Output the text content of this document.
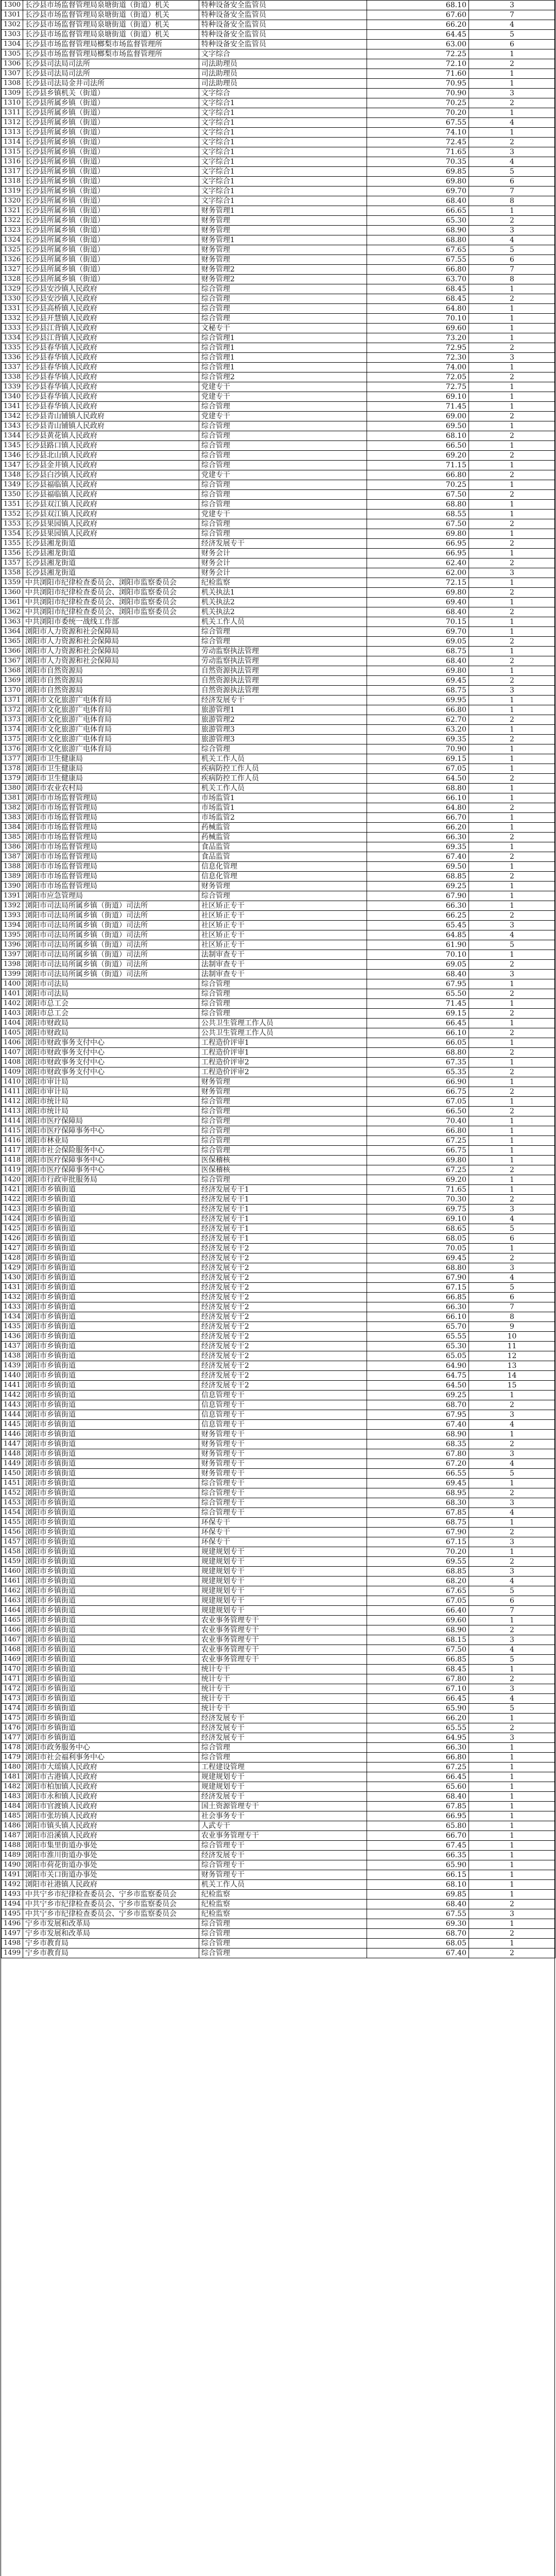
1300	长沙县市场监督管理局泉塘街道（街道）机关	特种设备安全监管员	68.10	3
1301	长沙县市场监督管理局泉塘街道（街道）机关	特种设备安全监管员	67.60	7
1302	长沙县市场监督管理局泉塘街道（街道）机关	特种设备安全监管员	66.20	4
1303	长沙县市场监督管理局泉塘街道（街道）机关	特种设备安全监管员	64.45	5
1304	长沙县市场监督管理局榔梨市场监督管理所	特种设备安全监管员	63.00	6
1305	长沙县市场监督管理局榔梨市场监督管理所	文字综合	72.25	1
1306	长沙县司法局司法所	司法助理员	72.10	2
1307	长沙县司法局司法所	司法助理员	71.60	1
1308	长沙县司法局金井司法所	司法助理员	70.95	1
1309	长沙县乡镇机关（街道）	文字综合	70.90	3
1310	长沙县所属乡镇（街道）	文字综合1	70.25	2
1311	长沙县所属乡镇（街道）	文字综合1	70.20	1
1312	长沙县所属乡镇（街道）	文字综合1	67.55	4
1313	长沙县所属乡镇（街道）	文字综合1	74.10	1
1314	长沙县所属乡镇（街道）	文字综合1	72.45	2
1315	长沙县所属乡镇（街道）	文字综合1	71.65	3
1316	长沙县所属乡镇（街道）	文字综合1	70.35	4
1317	长沙县所属乡镇（街道）	文字综合1	69.85	5
1318	长沙县所属乡镇（街道）	文字综合1	69.80	6
1319	长沙县所属乡镇（街道）	文字综合1	69.70	7
1320	长沙县所属乡镇（街道）	文字综合1	68.40	8
1321	长沙县所属乡镇（街道）	财务管理1	66.65	1
1322	长沙县所属乡镇（街道）	财务管理	65.30	2
1323	长沙县所属乡镇（街道）	财务管理	68.90	3
1324	长沙县所属乡镇（街道）	财务管理1	68.80	4
1325	长沙县所属乡镇（街道）	财务管理	67.65	5
1326	长沙县所属乡镇（街道）	财务管理	67.55	6
1327	长沙县所属乡镇（街道）	财务管理2	66.80	7
1328	长沙县所属乡镇（街道）	财务管理2	63.70	8
1329	长沙县安沙镇人民政府	综合管理	68.45	1
1330	长沙县安沙镇人民政府	综合管理	68.45	2
1331	长沙县高桥镇人民政府	综合管理	64.80	1
1332	长沙县开慧镇人民政府	综合管理	70.10	1
1333	长沙县江背镇人民政府	文秘专干	69.60	1
1334	长沙县江背镇人民政府	综合管理1	73.20	1
1335	长沙县春华镇人民政府	综合管理1	72.95	2
1336	长沙县春华镇人民政府	综合管理1	72.30	3
1337	长沙县春华镇人民政府	综合管理1	74.00	1
1338	长沙县春华镇人民政府	综合管理2	72.05	2
1339	长沙县春华镇人民政府	党建专干	72.75	1
1340	长沙县春华镇人民政府	党建专干	69.10	1
1341	长沙县春华镇人民政府	综合管理	71.45	1
1342	长沙县青山铺镇人民政府	党建专干	69.00	2
1343	长沙县青山铺镇人民政府	综合管理	69.50	1
1344	长沙县黄花镇人民政府	综合管理	68.10	2
1345	长沙县路口镇人民政府	综合管理	66.50	1
1346	长沙县北山镇人民政府	综合管理	69.20	2
1347	长沙县金井镇人民政府	综合管理	71.15	1
1348	长沙县白沙镇人民政府	党建专干	66.80	2
1349	长沙县福临镇人民政府	综合管理	70.25	1
1350	长沙县福临镇人民政府	综合管理	67.50	2
1351	长沙县双江镇人民政府	综合管理	68.80	1
1352	长沙县双江镇人民政府	党建专干	68.55	1
1353	长沙县果园镇人民政府	综合管理	67.50	2
1354	长沙县果园镇人民政府	综合管理	69.80	1
1355	长沙县湘龙街道	经济发展专干	66.95	2
1356	长沙县湘龙街道	财务会计	66.95	1
1357	长沙县湘龙街道	财务会计	62.40	2
1358	长沙县湘龙街道	财务会计	62.00	3
1359	中共浏阳市纪律检查委员会、浏阳市监察委员会	纪检监察	72.15	1
1360	中共浏阳市纪律检查委员会、浏阳市监察委员会	机关执法1	69.80	2
1361	中共浏阳市纪律检查委员会、浏阳市监察委员会	机关执法2	69.40	1
1362	中共浏阳市纪律检查委员会、浏阳市监察委员会	机关执法2	68.40	2
1363	中共浏阳市委统一战线工作部	机关工作人员	70.15	1
1364	浏阳市人力资源和社会保障局	综合管理	69.70	1
1365	浏阳市人力资源和社会保障局	综合管理	69.05	2
1366	浏阳市人力资源和社会保障局	劳动监察执法管理	68.75	1
1367	浏阳市人力资源和社会保障局	劳动监察执法管理	68.40	2
1368	浏阳市自然资源局	自然资源执法管理	69.80	1
1369	浏阳市自然资源局	自然资源执法管理	69.45	2
1370	浏阳市自然资源局	自然资源执法管理	68.75	3
1371	浏阳市文化旅游广电体育局	经济发展专干	69.95	1
1372	浏阳市文化旅游广电体育局	旅游管理1	66.80	1
1373	浏阳市文化旅游广电体育局	旅游管理2	62.70	2
1374	浏阳市文化旅游广电体育局	旅游管理3	63.20	1
1375	浏阳市文化旅游广电体育局	旅游管理3	69.35	2
1376	浏阳市文化旅游广电体育局	综合管理	70.90	1
1377	浏阳市卫生健康局	机关工作人员	69.15	1
1378	浏阳市卫生健康局	疾病防控工作人员	67.05	1
1379	浏阳市卫生健康局	疾病防控工作人员	64.50	2
1380	浏阳市农业农村局	机关工作人员	68.80	1
1381	浏阳市市场监督管理局	市场监管1	66.10	1
1382	浏阳市市场监督管理局	市场监管1	64.80	2
1383	浏阳市市场监督管理局	市场监管2	66.70	1
1384	浏阳市市场监督管理局	药械监管	66.20	1
1385	浏阳市市场监督管理局	药械监管	66.30	2
1386	浏阳市市场监督管理局	食品监管	69.35	1
1387	浏阳市市场监督管理局	食品监管	67.40	2
1388	浏阳市市场监督管理局	信息化管理	69.50	1
1389	浏阳市市场监督管理局	信息化管理	68.85	2
1390	浏阳市市场监督管理局	财务管理	69.25	1
1391	浏阳市应急管理局	综合管理	67.90	1
1392	浏阳市司法局所属乡镇（街道）司法所	社区矫正专干	66.30	1
1393	浏阳市司法局所属乡镇（街道）司法所	社区矫正专干	66.25	2
1394	浏阳市司法局所属乡镇（街道）司法所	社区矫正专干	65.45	3
1395	浏阳市司法局所属乡镇（街道）司法所	社区矫正专干	64.85	4
1396	浏阳市司法局所属乡镇（街道）司法所	社区矫正专干	61.90	5
1397	浏阳市司法局所属乡镇（街道）司法所	法制审查专干	70.10	1
1398	浏阳市司法局所属乡镇（街道）司法所	法制审查专干	69.05	2
1399	浏阳市司法局所属乡镇（街道）司法所	法制审查专干	68.40	3
1400	浏阳市司法局	综合管理	67.95	1
1401	浏阳市司法局	综合管理	65.50	2
1402	浏阳市总工会	综合管理	71.45	1
1403	浏阳市总工会	综合管理	69.15	2
1404	浏阳市财政局	公共卫生管理工作人员	66.45	1
1405	浏阳市财政局	公共卫生管理工作人员	66.10	2
1406	浏阳市财政事务支付中心	工程造价评审1	66.05	1
1407	浏阳市财政事务支付中心	工程造价评审1	68.80	2
1408	浏阳市财政事务支付中心	工程造价评审2	67.35	1
1409	浏阳市财政事务支付中心	工程造价评审2	65.35	2
1410	浏阳市审计局	财务管理	66.90	1
1411	浏阳市审计局	财务管理	66.75	2
1412	浏阳市统计局	综合管理	67.05	1
1413	浏阳市统计局	综合管理	66.50	2
1414	浏阳市医疗保障局	综合管理	70.40	1
1415	浏阳市医疗保障事务中心	综合管理	66.80	1
1416	浏阳市林业局	综合管理	67.25	1
1417	浏阳市社会保险服务中心	综合管理	66.75	1
1418	浏阳市医疗保障事务中心	医保稽核	69.80	1
1419	浏阳市医疗保障事务中心	医保稽核	67.25	2
1420	浏阳市行政审批服务局	综合管理	69.20	1
1421	浏阳市乡镇街道	经济发展专干1	71.65	1
1422	浏阳市乡镇街道	经济发展专干1	70.30	2
1423	浏阳市乡镇街道	经济发展专干1	69.75	3
1424	浏阳市乡镇街道	经济发展专干1	69.10	4
1425	浏阳市乡镇街道	经济发展专干1	68.65	5
1426	浏阳市乡镇街道	经济发展专干1	68.05	6
1427	浏阳市乡镇街道	经济发展专干2	70.05	1
1428	浏阳市乡镇街道	经济发展专干2	69.45	2
1429	浏阳市乡镇街道	经济发展专干2	68.80	3
1430	浏阳市乡镇街道	经济发展专干2	67.90	4
1431	浏阳市乡镇街道	经济发展专干2	67.15	5
1432	浏阳市乡镇街道	经济发展专干2	66.85	6
1433	浏阳市乡镇街道	经济发展专干2	66.30	7
1434	浏阳市乡镇街道	经济发展专干2	66.10	8
1435	浏阳市乡镇街道	经济发展专干2	65.70	9
1436	浏阳市乡镇街道	经济发展专干2	65.55	10
1437	浏阳市乡镇街道	经济发展专干2	65.30	11
1438	浏阳市乡镇街道	经济发展专干2	65.05	12
1439	浏阳市乡镇街道	经济发展专干2	64.90	13
1440	浏阳市乡镇街道	经济发展专干2	64.75	14
1441	浏阳市乡镇街道	经济发展专干2	64.50	15
1442	浏阳市乡镇街道	信息管理专干	69.25	1
1443	浏阳市乡镇街道	信息管理专干	68.70	2
1444	浏阳市乡镇街道	信息管理专干	67.95	3
1445	浏阳市乡镇街道	信息管理专干	67.40	4
1446	浏阳市乡镇街道	财务管理专干	68.90	1
1447	浏阳市乡镇街道	财务管理专干	68.35	2
1448	浏阳市乡镇街道	财务管理专干	67.80	3
1449	浏阳市乡镇街道	财务管理专干	67.20	4
1450	浏阳市乡镇街道	财务管理专干	66.55	5
1451	浏阳市乡镇街道	综合管理专干	69.45	1
1452	浏阳市乡镇街道	综合管理专干	68.95	2
1453	浏阳市乡镇街道	综合管理专干	68.30	3
1454	浏阳市乡镇街道	综合管理专干	67.85	4
1455	浏阳市乡镇街道	环保专干	68.75	1
1456	浏阳市乡镇街道	环保专干	67.90	2
1457	浏阳市乡镇街道	环保专干	67.15	3
1458	浏阳市乡镇街道	规建规划专干	70.20	1
1459	浏阳市乡镇街道	规建规划专干	69.55	2
1460	浏阳市乡镇街道	规建规划专干	68.85	3
1461	浏阳市乡镇街道	规建规划专干	68.20	4
1462	浏阳市乡镇街道	规建规划专干	67.65	5
1463	浏阳市乡镇街道	规建规划专干	67.05	6
1464	浏阳市乡镇街道	规建规划专干	66.40	7
1465	浏阳市乡镇街道	农业事务管理专干	69.60	1
1466	浏阳市乡镇街道	农业事务管理专干	68.90	2
1467	浏阳市乡镇街道	农业事务管理专干	68.15	3
1468	浏阳市乡镇街道	农业事务管理专干	67.50	4
1469	浏阳市乡镇街道	农业事务管理专干	66.85	5
1470	浏阳市乡镇街道	统计专干	68.45	1
1471	浏阳市乡镇街道	统计专干	67.80	2
1472	浏阳市乡镇街道	统计专干	67.10	3
1473	浏阳市乡镇街道	统计专干	66.45	4
1474	浏阳市乡镇街道	统计专干	65.90	5
1475	浏阳市乡镇街道	经济发展专干	66.20	1
1476	浏阳市乡镇街道	经济发展专干	65.55	2
1477	浏阳市乡镇街道	经济发展专干	64.95	3
1478	浏阳市政务服务中心	综合管理	66.30	1
1479	浏阳市社会福利事务中心	综合管理	66.80	1
1480	浏阳市大瑶镇人民政府	工程建设管理	67.25	1
1481	浏阳市古港镇人民政府	规建规划专干	66.45	1
1482	浏阳市柏加镇人民政府	规建规划专干	65.60	1
1483	浏阳市永和镇人民政府	经济发展专干	68.40	1
1484	浏阳市官渡镇人民政府	国土资源管理专干	67.85	1
1485	浏阳市张坊镇人民政府	社会事务专干	66.95	1
1486	浏阳市镇头镇人民政府	人武专干	65.80	1
1487	浏阳市沿溪镇人民政府	农业事务管理专干	66.70	1
1488	浏阳市集里街道办事处	综合管理专干	67.45	1
1489	浏阳市淮川街道办事处	经济发展专干	66.35	1
1490	浏阳市荷花街道办事处	综合管理专干	65.90	1
1491	浏阳市关口街道办事处	财务管理专干	66.15	1
1492	浏阳市社港镇人民政府	机关工作人员	68.10	1
1493	中共宁乡市纪律检查委员会、宁乡市监察委员会	纪检监察	69.85	1
1494	中共宁乡市纪律检查委员会、宁乡市监察委员会	纪检监察	68.40	2
1495	中共宁乡市纪律检查委员会、宁乡市监察委员会	纪检监察	67.55	3
1496	宁乡市发展和改革局	综合管理	69.30	1
1497	宁乡市发展和改革局	综合管理	68.70	2
1498	宁乡市教育局	综合管理	68.05	1
1499	宁乡市教育局	综合管理	67.40	2
